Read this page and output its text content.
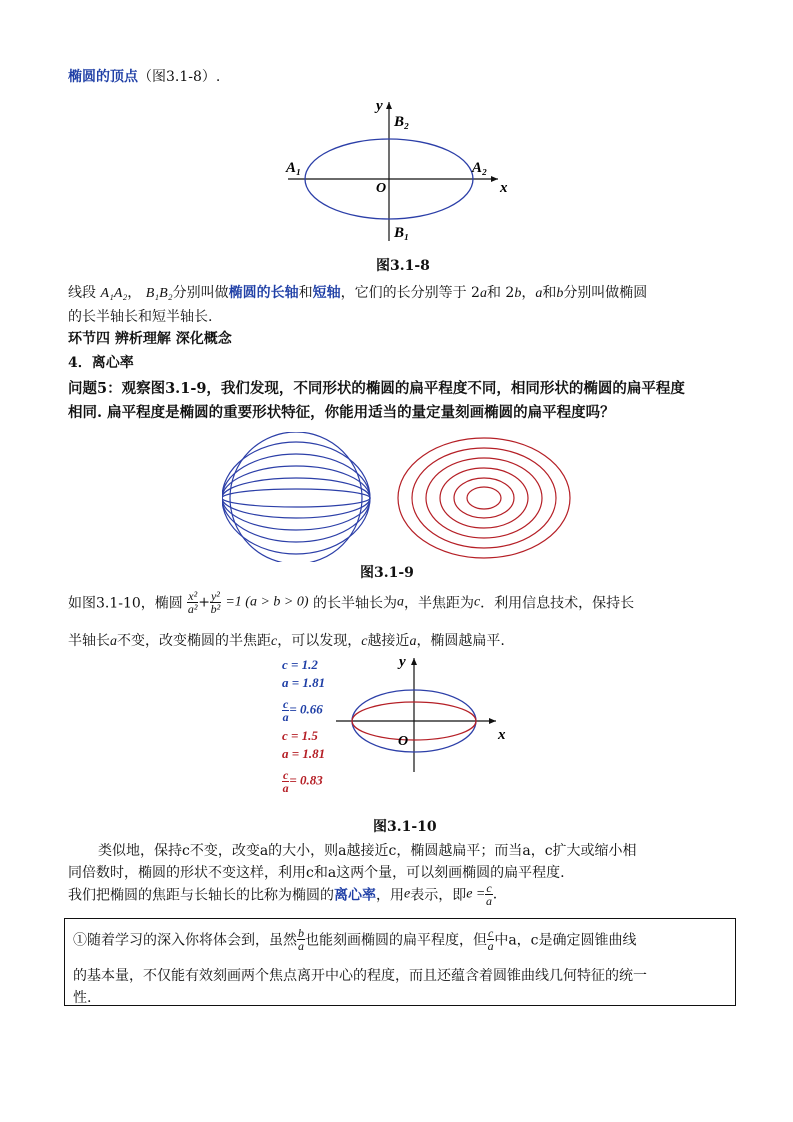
椭圆的顶点（图3.1-8）.
y
x
O
A₁	A₂
B₂
B₁
图3.1-8
线段 A₁A₂， B₁B₂分别叫做椭圆的长轴和短轴，它们的长分别等于 2a和 2b，a和b分别叫做椭圆
的长半轴长和短半轴长.
环节四 辨析理解 深化概念
4．离心率
问题5：观察图3.1-9，我们发现，不同形状的椭圆的扁平程度不同，相同形状的椭圆的扁平程度
相同. 扁平程度是椭圆的重要形状特征，你能用适当的量定量刻画椭圆的扁平程度吗？
图3.1-9
如图3.1-10，椭圆 $\frac{\text{x²}}{\text{a²}} + \frac{\text{y²}}{\text{b²}} =1$ (a > b > 0) 的长半轴长为a，半焦距为c．利用信息技术，保持长
半轴长a不变，改变椭圆的半焦距c，可以发现，c越接近a，椭圆越扁平.
c = 1.2
a = 1.81
$\frac{c}{a} = 0.66$
c = 1.5
a = 1.81
$\frac{c}{a} = 0.83$
y
x
O
图3.1-10
类似地，保持c不变，改变a的大小，则a越接近c，椭圆越扁平；而当a，c扩大或缩小相
同倍数时，椭圆的形状不变这样，利用c和a这两个量，可以刻画椭圆的扁平程度.
我们把椭圆的焦距与长轴长的比称为椭圆的离心率，用e表示，即$e = \frac{c}{a}$ .
①随着学习的深入你将体会到，虽然 $\frac{b}{a}$ 也能刻画椭圆的扁平程度，但 $\frac{c}{a}$ 中a，c是确定圆锥曲线
的基本量，不仅能有效刻画两个焦点离开中心的程度，而且还蕴含着圆锥曲线几何特征的统一
性.
